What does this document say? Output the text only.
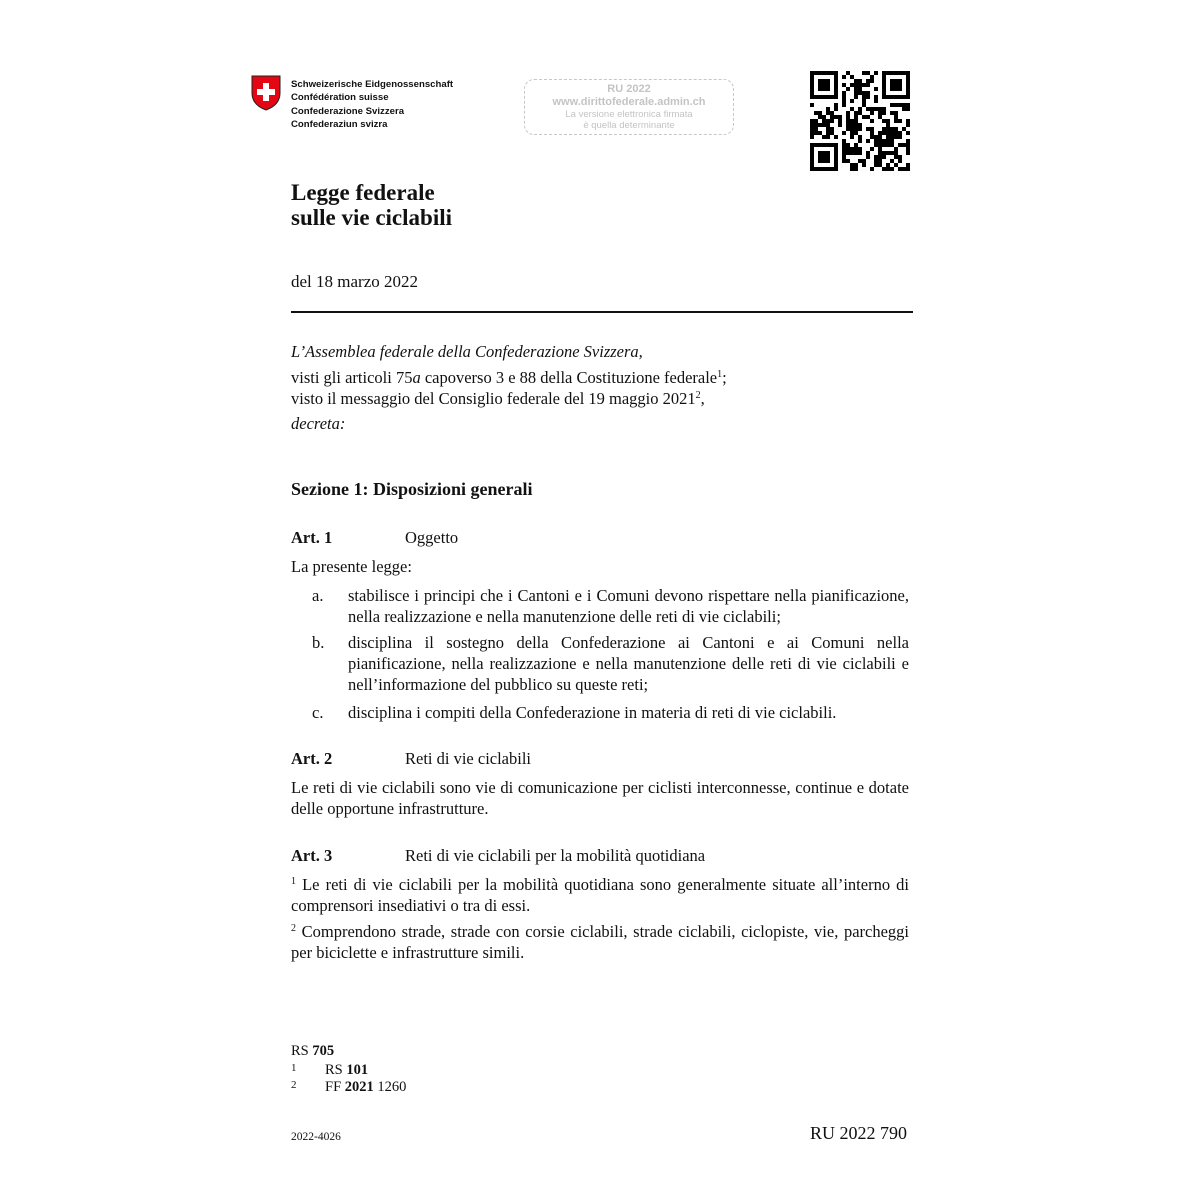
Schweizerische Eidgenossenschaft
Confédération suisse
Confederazione Svizzera
Confederaziun svizra
RU 2022
www.dirittofederale.admin.ch
La versione elettronica firmata
è quella determinante
Legge federale
sulle vie ciclabili
del 18 marzo 2022
L’Assemblea federale della Confederazione Svizzera,
visti gli articoli 75a capoverso 3 e 88 della Costituzione federale$^1$;
visto il messaggio del Consiglio federale del 19 maggio 2021$^2$,
decreta:
Sezione 1: Disposizioni generali
Art. 1	Oggetto
La presente legge:
a. stabilisce i principi che i Cantoni e i Comuni devono rispettare nella pianificazione, nella realizzazione e nella manutenzione delle reti di vie ciclabili;
b. disciplina il sostegno della Confederazione ai Cantoni e ai Comuni nella pianificazione, nella realizzazione e nella manutenzione delle reti di vie ciclabili e nell’informazione del pubblico su queste reti;
c. disciplina i compiti della Confederazione in materia di reti di vie ciclabili.
Art. 2	Reti di vie ciclabili
Le reti di vie ciclabili sono vie di comunicazione per ciclisti interconnesse, continue e dotate delle opportune infrastrutture.
Art. 3	Reti di vie ciclabili per la mobilità quotidiana
$^1$ Le reti di vie ciclabili per la mobilità quotidiana sono generalmente situate all’interno di comprensori insediativi o tra di essi.
$^2$ Comprendono strade, strade con corsie ciclabili, strade ciclabili, ciclopiste, vie, parcheggi per biciclette e infrastrutture simili.
RS 705
1 RS 101
2 FF 2021 1260
2022-4026	RU 2022 790
